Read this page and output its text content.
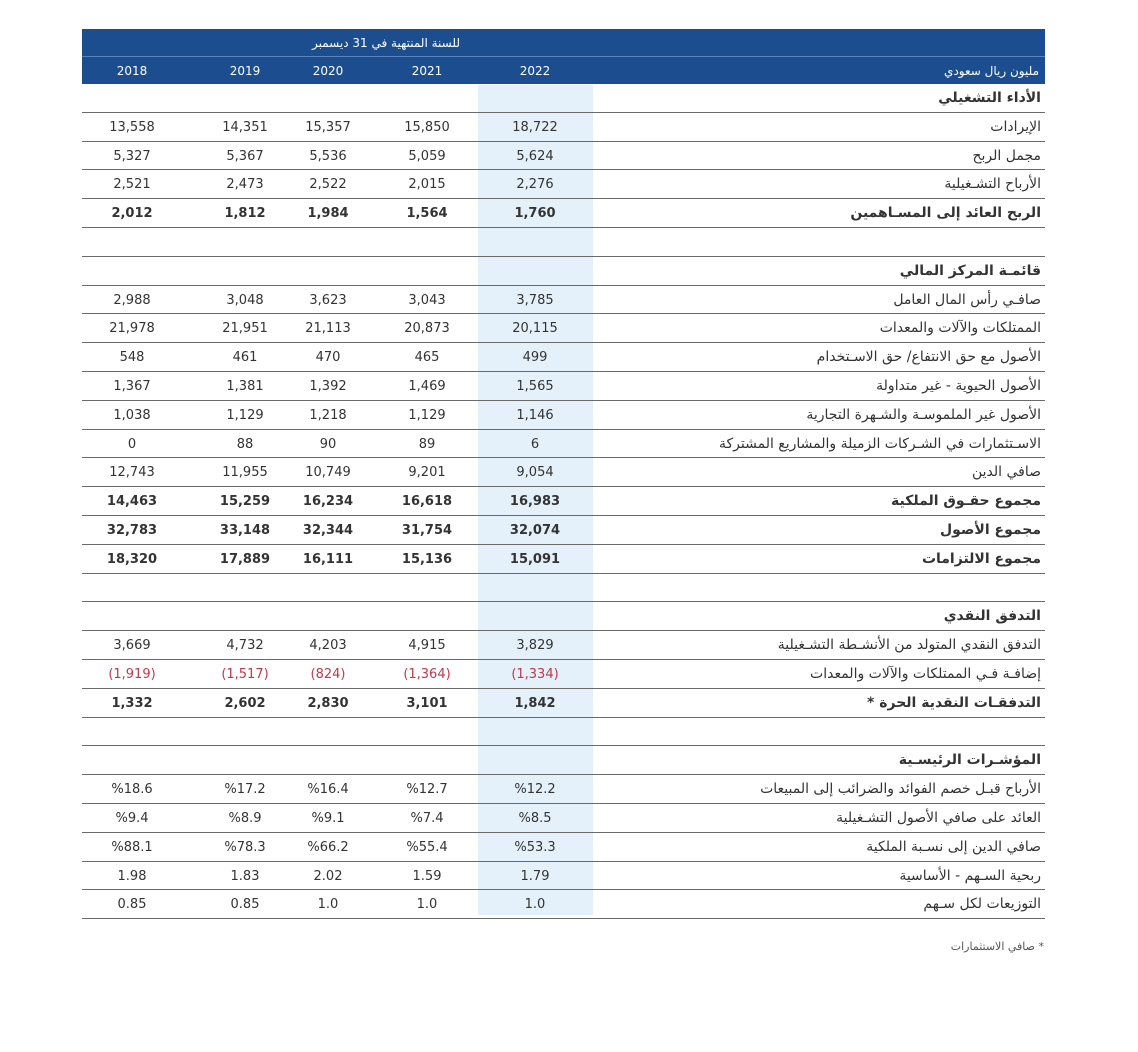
للسنة المنتهية في 31 ديسمبر
2018	2019	2020	2021	2022	مليون ريال سعودي
الأداء التشغيلي
13,558	14,351	15,357	15,850	18,722	الإيرادات
5,327	5,367	5,536	5,059	5,624	مجمل الربح
2,521	2,473	2,522	2,015	2,276	الأرباح التشـغيلية
2,012	1,812	1,984	1,564	1,760	الربح العائد إلى المسـاهمين
قائمـة المركز المالي
2,988	3,048	3,623	3,043	3,785	صافـي رأس المال العامل
21,978	21,951	21,113	20,873	20,115	الممتلكات والآلات والمعدات
548	461	470	465	499	الأصول مع حق الانتفاع/ حق الاسـتخدام
1,367	1,381	1,392	1,469	1,565	الأصول الحيوية - غير متداولة
1,038	1,129	1,218	1,129	1,146	الأصول غير الملموسـة والشـهرة التجارية
0	88	90	89	6	الاسـتثمارات في الشـركات الزميلة والمشاريع المشتركة
12,743	11,955	10,749	9,201	9,054	صافي الدين
14,463	15,259	16,234	16,618	16,983	مجموع حقـوق الملكية
32,783	33,148	32,344	31,754	32,074	مجموع الأصول
18,320	17,889	16,111	15,136	15,091	مجموع الالتزامات
التدفق النقدي
3,669	4,732	4,203	4,915	3,829	التدفق النقدي المتولد من الأنشـطة التشـغيلية
(1,919)	(1,517)	(824)	(1,364)	(1,334)	إضافـة فـي الممتلكات والآلات والمعدات
1,332	2,602	2,830	3,101	1,842	التدفقـات النقدية الحرة *
المؤشـرات الرئيسـية
%18.6	%17.2	%16.4	%12.7	%12.2	الأرباح قبـل خصم الفوائد والضرائب إلى المبيعات
%9.4	%8.9	%9.1	%7.4	%8.5	العائد على صافي الأصول التشـغيلية
%88.1	%78.3	%66.2	%55.4	%53.3	صافي الدين إلى نسـبة الملكية
1.98	1.83	2.02	1.59	1.79	ربحية السـهم - الأساسية
0.85	0.85	1.0	1.0	1.0	التوزيعات لكل سـهم
* صافي الاستثمارات
